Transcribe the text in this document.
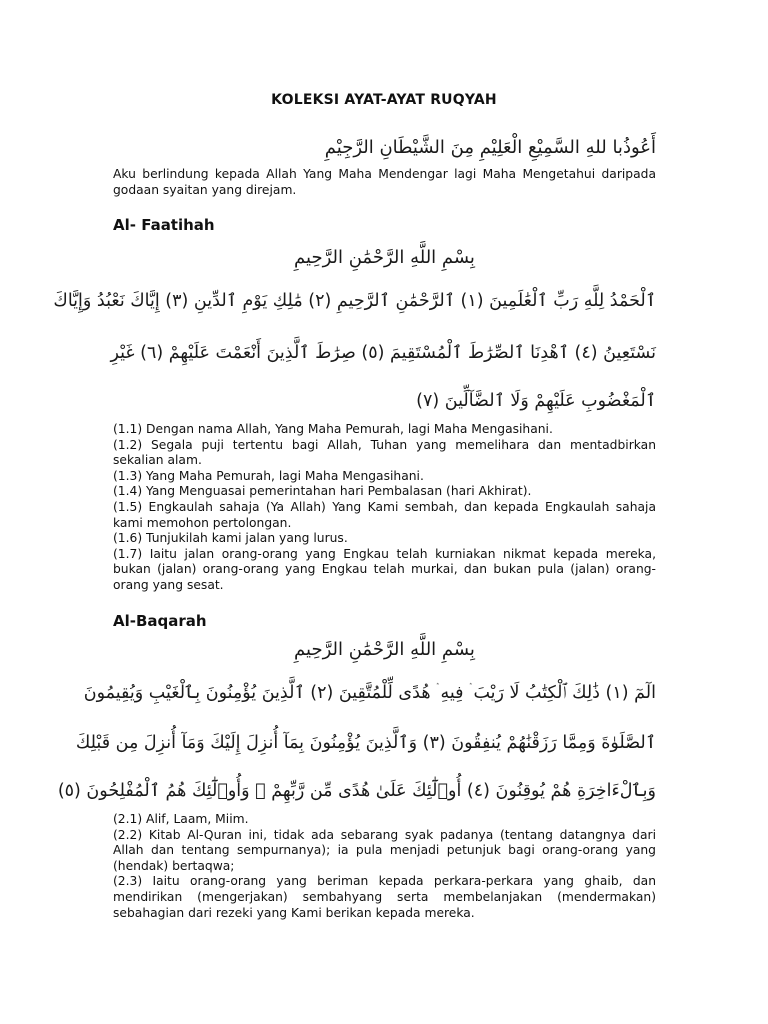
KOLEKSI AYAT-AYAT RUQYAH
أَعُوذُبا للهِ السَّمِيْعِ الْعَلِيْمِ مِنَ الشَّيْطَانِ الرَّجِيْمِ
Aku berlindung kepada Allah Yang Maha Mendengar lagi Maha Mengetahui daripada godaan syaitan yang direjam.
Al- Faatihah
بِسْمِ اللَّهِ الرَّحْمَٰنِ الرَّحِيمِ
ٱلْحَمْدُ لِلَّهِ رَبِّ ٱلْعَٰلَمِينَ (١) ٱلرَّحْمَٰنِ ٱلرَّحِيمِ (٢) مَٰلِكِ يَوْمِ ٱلدِّينِ (٣) إِيَّاكَ نَعْبُدُ وَإِيَّاكَ
نَسْتَعِينُ (٤) ٱهْدِنَا ٱلصِّرَٰطَ ٱلْمُسْتَقِيمَ (٥) صِرَٰطَ ٱلَّذِينَ أَنْعَمْتَ عَلَيْهِمْ (٦) غَيْرِ
ٱلْمَغْضُوبِ عَلَيْهِمْ وَلَا ٱلضَّآلِّينَ (٧)
(1.1) Dengan nama Allah, Yang Maha Pemurah, lagi Maha Mengasihani.
(1.2) Segala puji tertentu bagi Allah, Tuhan yang memelihara dan mentadbirkan sekalian alam.
(1.3) Yang Maha Pemurah, lagi Maha Mengasihani.
(1.4) Yang Menguasai pemerintahan hari Pembalasan (hari Akhirat).
(1.5) Engkaulah sahaja (Ya Allah) Yang Kami sembah, dan kepada Engkaulah sahaja kami memohon pertolongan.
(1.6) Tunjukilah kami jalan yang lurus.
(1.7) Iaitu jalan orang-orang yang Engkau telah kurniakan nikmat kepada mereka, bukan (jalan) orang-orang yang Engkau telah murkai, dan bukan pula (jalan) orang-orang yang sesat.
Al-Baqarah
بِسْمِ اللَّهِ الرَّحْمَٰنِ الرَّحِيمِ
الٓمٓ (١) ذَٰلِكَ ٱلْكِتَٰبُ لَا رَيْبَ ۛ فِيهِ ۛ هُدًى لِّلْمُتَّقِينَ (٢) ٱلَّذِينَ يُؤْمِنُونَ بِٱلْغَيْبِ وَيُقِيمُونَ
ٱلصَّلَوٰةَ وَمِمَّا رَزَقْنَٰهُمْ يُنفِقُونَ (٣) وَٱلَّذِينَ يُؤْمِنُونَ بِمَآ أُنزِلَ إِلَيْكَ وَمَآ أُنزِلَ مِن قَبْلِكَ
وَبِٱلْءَاخِرَةِ هُمْ يُوقِنُونَ (٤) أُو۟لَٰٓئِكَ عَلَىٰ هُدًى مِّن رَّبِّهِمْ ۖ وَأُو۟لَٰٓئِكَ هُمُ ٱلْمُفْلِحُونَ (٥)
(2.1) Alif, Laam, Miim.
(2.2) Kitab Al-Quran ini, tidak ada sebarang syak padanya (tentang datangnya dari Allah dan tentang sempurnanya); ia pula menjadi petunjuk bagi orang-orang yang (hendak) bertaqwa;
(2.3) Iaitu orang-orang yang beriman kepada perkara-perkara yang ghaib, dan mendirikan (mengerjakan) sembahyang serta membelanjakan (mendermakan) sebahagian dari rezeki yang Kami berikan kepada mereka.
